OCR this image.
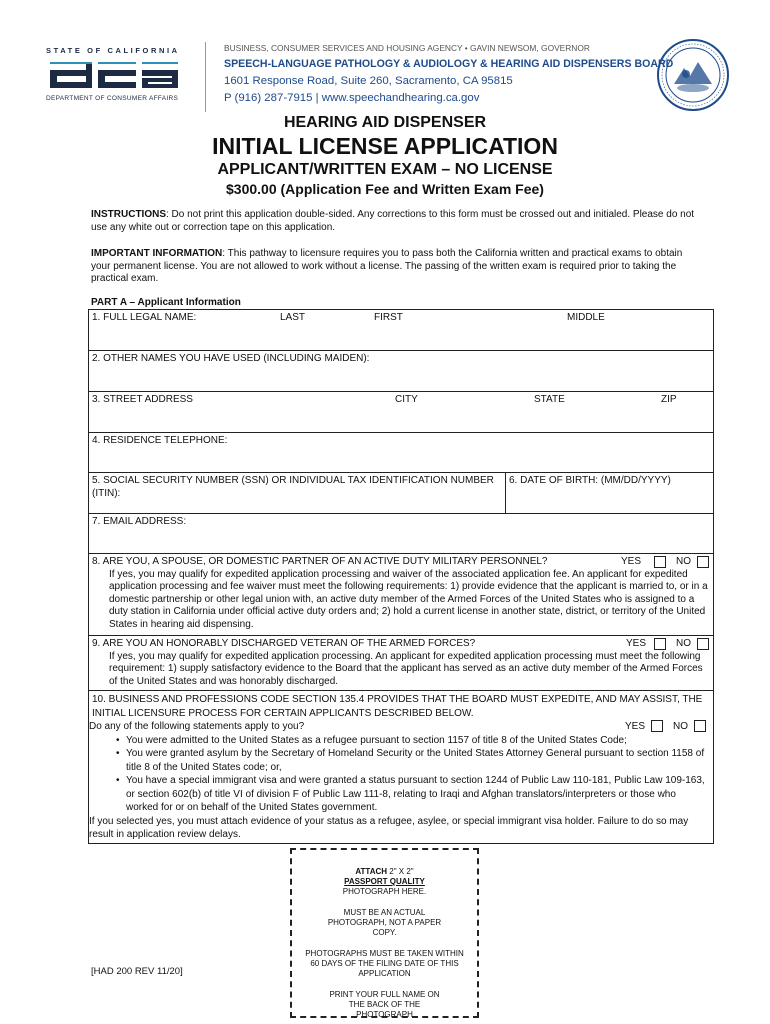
STATE OF CALIFORNIA
DEPARTMENT OF CONSUMER AFFAIRS
BUSINESS, CONSUMER SERVICES AND HOUSING AGENCY • GAVIN NEWSOM, GOVERNOR
SPEECH-LANGUAGE PATHOLOGY & AUDIOLOGY & HEARING AID DISPENSERS BOARD
1601 Response Road, Suite 260, Sacramento, CA 95815
P (916) 287-7915 | www.speechandhearing.ca.gov
HEARING AID DISPENSER
INITIAL LICENSE APPLICATION
APPLICANT/WRITTEN EXAM – NO LICENSE
$300.00 (Application Fee and Written Exam Fee)
INSTRUCTIONS: Do not print this application double-sided. Any corrections to this form must be crossed out and initialed. Please do not use any white out or correction tape on this application.
IMPORTANT INFORMATION: This pathway to licensure requires you to pass both the California written and practical exams to obtain your permanent license. You are not allowed to work without a license. The passing of the written exam is required prior to taking the practical exam.
PART A – Applicant Information
1. FULL LEGAL NAME:	LAST	FIRST	MIDDLE
2. OTHER NAMES YOU HAVE USED (INCLUDING MAIDEN):
3. STREET ADDRESS	CITY	STATE	ZIP
4. RESIDENCE TELEPHONE:
5. SOCIAL SECURITY NUMBER (SSN) OR INDIVIDUAL TAX IDENTIFICATION NUMBER (ITIN):
6. DATE OF BIRTH: (MM/DD/YYYY)
7. EMAIL ADDRESS:
8. ARE YOU, A SPOUSE, OR DOMESTIC PARTNER OF AN ACTIVE DUTY MILITARY PERSONNEL?	YES	NO
If yes, you may qualify for expedited application processing and waiver of the associated application fee. An applicant for expedited application processing and fee waiver must meet the following requirements: 1) provide evidence that the applicant is married to, or in a domestic partnership or other legal union with, an active duty member of the Armed Forces of the United States who is assigned to a duty station in California under official active duty orders and; 2) hold a current license in another state, district, or territory of the United States in hearing aid dispensing.
9. ARE YOU AN HONORABLY DISCHARGED VETERAN OF THE ARMED FORCES?	YES	NO
If yes, you may qualify for expedited application processing. An applicant for expedited application processing must meet the following requirement: 1) supply satisfactory evidence to the Board that the applicant has served as an active duty member of the Armed Forces of the United States and was honorably discharged.
10. BUSINESS AND PROFESSIONS CODE SECTION 135.4 PROVIDES THAT THE BOARD MUST EXPEDITE, AND MAY ASSIST, THE INITIAL LICENSURE PROCESS FOR CERTAIN APPLICANTS DESCRIBED BELOW.
Do any of the following statements apply to you?	YES	NO
• You were admitted to the United States as a refugee pursuant to section 1157 of title 8 of the United States Code;
• You were granted asylum by the Secretary of Homeland Security or the United States Attorney General pursuant to section 1158 of title 8 of the United States code; or,
• You have a special immigrant visa and were granted a status pursuant to section 1244 of Public Law 110-181, Public Law 109-163, or section 602(b) of title VI of division F of Public Law 111-8, relating to Iraqi and Afghan translators/interpreters or those who worked for or on behalf of the United States government.
If you selected yes, you must attach evidence of your status as a refugee, asylee, or special immigrant visa holder. Failure to do so may result in application review delays.

ATTACH 2" X 2"
PASSPORT QUALITY
PHOTOGRAPH HERE.

MUST BE AN ACTUAL PHOTOGRAPH, NOT A PAPER COPY.

PHOTOGRAPHS MUST BE TAKEN WITHIN 60 DAYS OF THE FILING DATE OF THIS APPLICATION

PRINT YOUR FULL NAME ON THE BACK OF THE PHOTOGRAPH

[HAD 200 REV 11/20]
